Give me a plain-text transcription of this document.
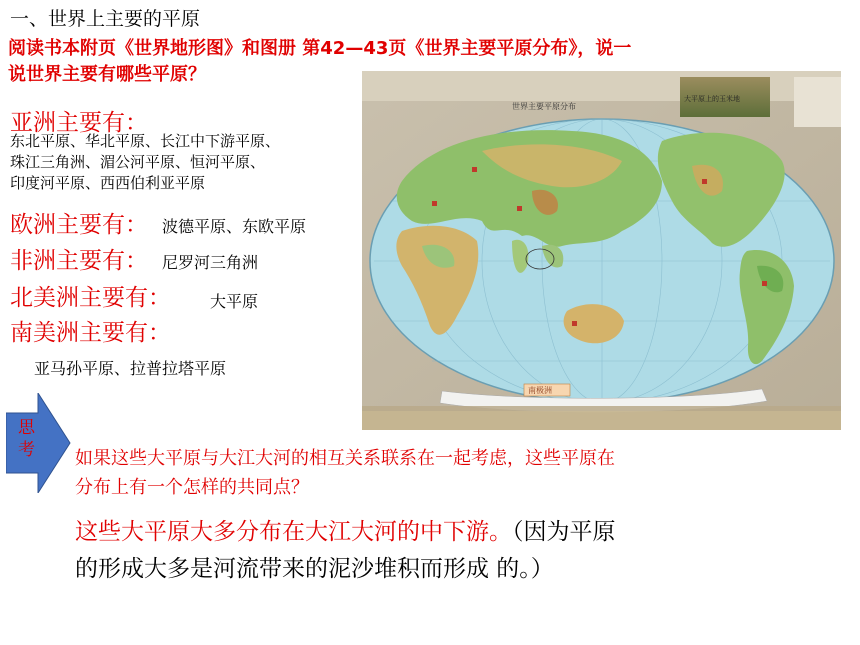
一、世界上主要的平原
阅读书本附页《世界地形图》和图册 第42—43页《世界主要平原分布》，说一
说世界主要有哪些平原？
亚洲主要有：
东北平原、华北平原、长江中下游平原、
珠江三角洲、湄公河平原、恒河平原、
印度河平原、西西伯利亚平原
欧洲主要有： 波德平原、东欧平原
非洲主要有： 尼罗河三角洲
北美洲主要有： 大平原
南美洲主要有：
亚马孙平原、拉普拉塔平原
世界主要平原分布
大平原上的玉米地
南极洲
思
考 如果这些大平原与大江大河的相互关系联系在一起考虑，这些平原在
分布上有一个怎样的共同点？
这些大平原大多分布在大江大河的中下游。（因为平原
的形成大多是河流带来的泥沙堆积而形成 的。）
